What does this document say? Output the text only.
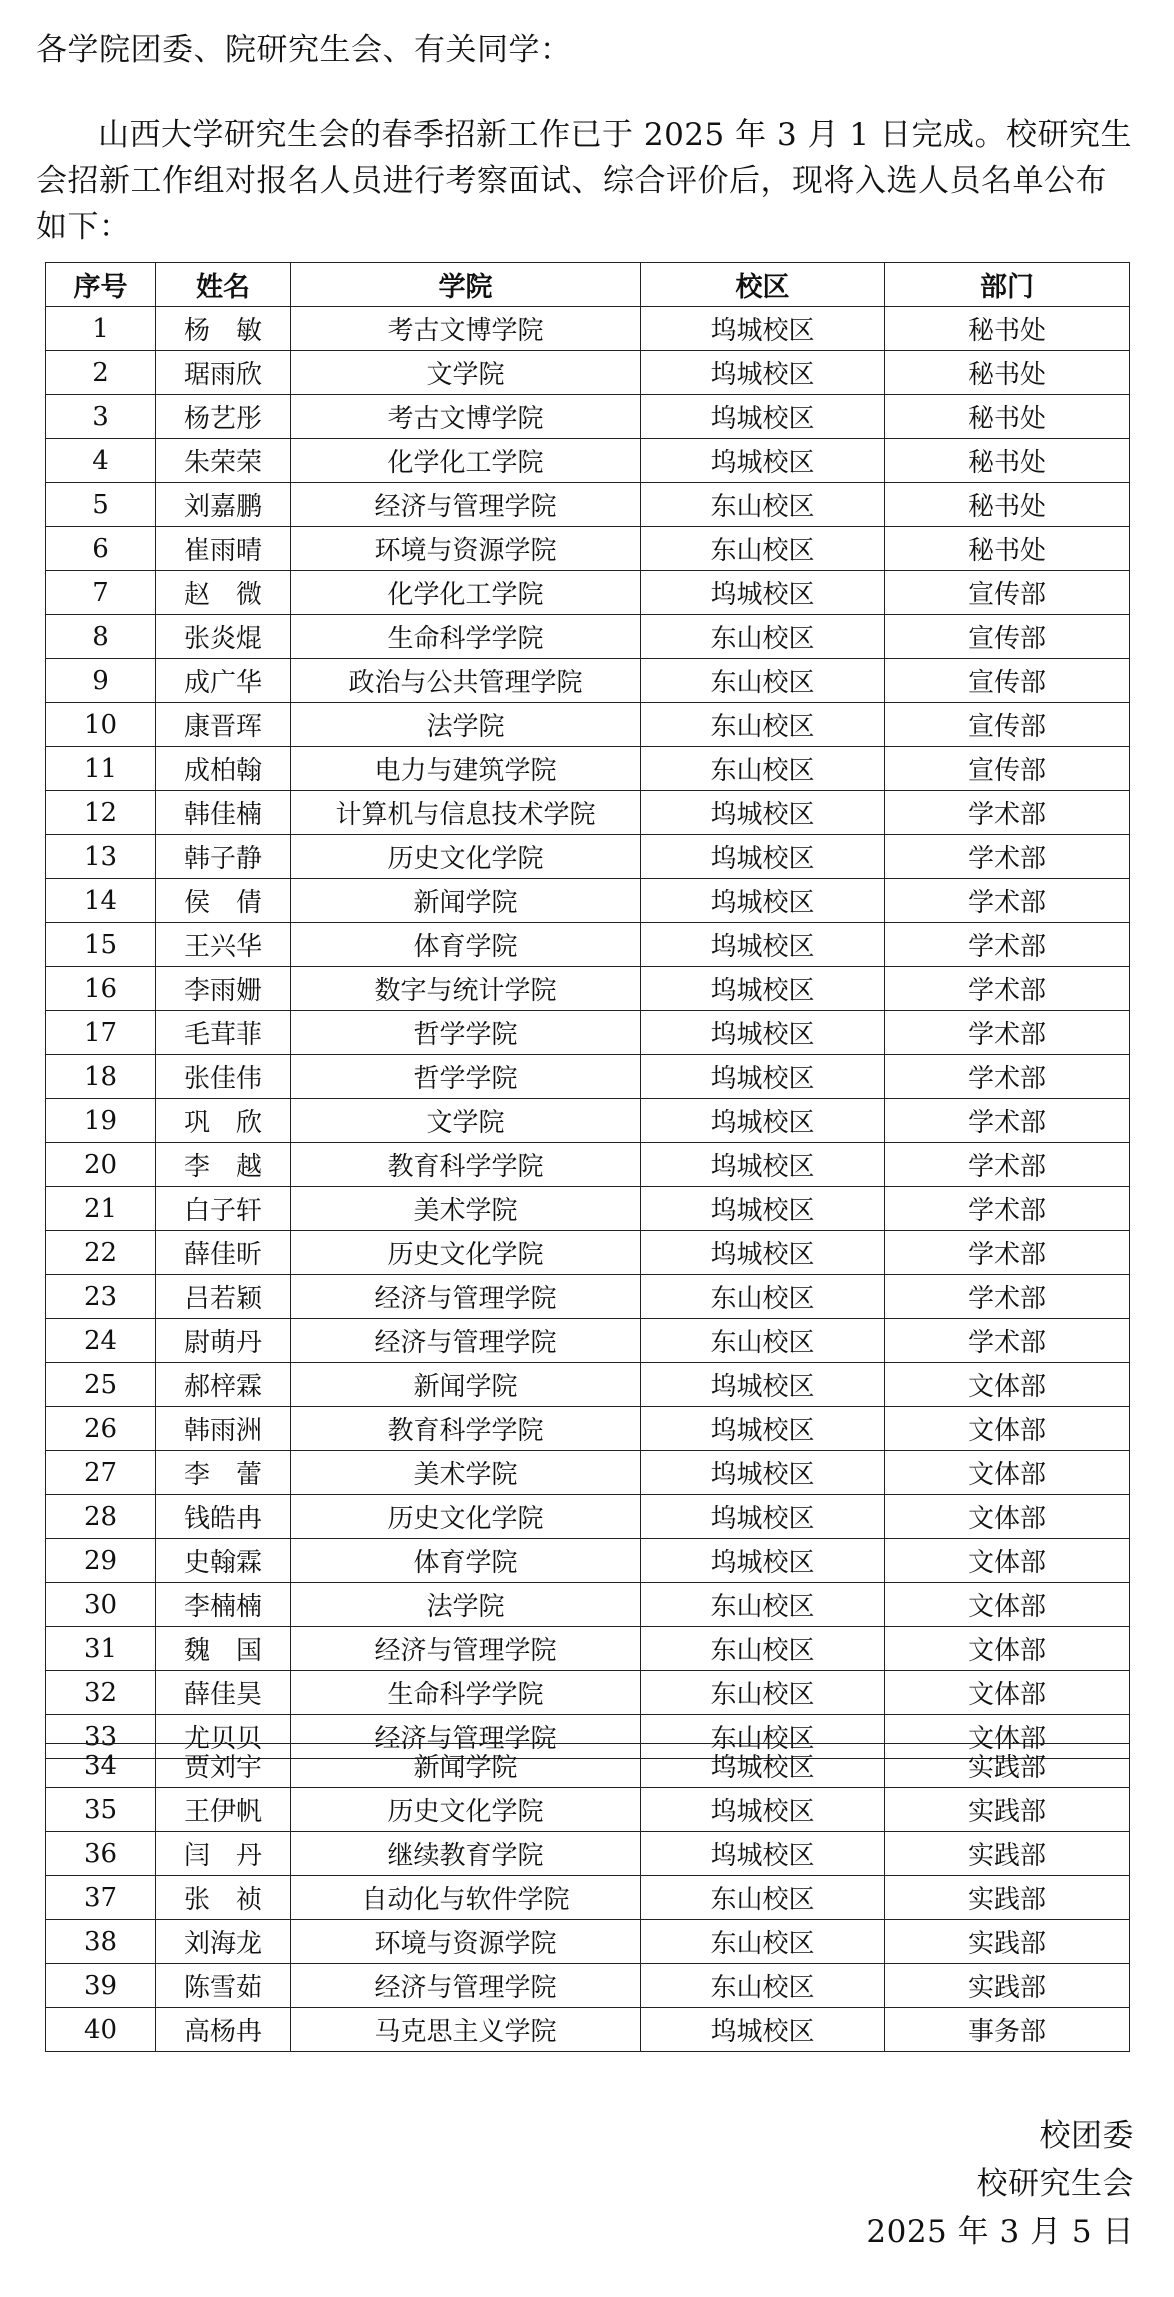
各学院团委、院研究生会、有关同学：

山西大学研究生会的春季招新工作已于 2025 年 3 月 1 日完成。校研究生会招新工作组对报名人员进行考察面试、综合评价后，现将入选人员名单公布如下：

序号	姓名	学院	校区	部门
1	杨　敏	考古文博学院	坞城校区	秘书处
2	琚雨欣	文学院	坞城校区	秘书处
3	杨艺彤	考古文博学院	坞城校区	秘书处
4	朱荣荣	化学化工学院	坞城校区	秘书处
5	刘嘉鹏	经济与管理学院	东山校区	秘书处
6	崔雨晴	环境与资源学院	东山校区	秘书处
7	赵　微	化学化工学院	坞城校区	宣传部
8	张炎焜	生命科学学院	东山校区	宣传部
9	成广华	政治与公共管理学院	东山校区	宣传部
10	康晋珲	法学院	东山校区	宣传部
11	成柏翰	电力与建筑学院	东山校区	宣传部
12	韩佳楠	计算机与信息技术学院	坞城校区	学术部
13	韩子静	历史文化学院	坞城校区	学术部
14	侯　倩	新闻学院	坞城校区	学术部
15	王兴华	体育学院	坞城校区	学术部
16	李雨姗	数字与统计学院	坞城校区	学术部
17	毛茸菲	哲学学院	坞城校区	学术部
18	张佳伟	哲学学院	坞城校区	学术部
19	巩　欣	文学院	坞城校区	学术部
20	李　越	教育科学学院	坞城校区	学术部
21	白子轩	美术学院	坞城校区	学术部
22	薛佳昕	历史文化学院	坞城校区	学术部
23	吕若颖	经济与管理学院	东山校区	学术部
24	尉萌丹	经济与管理学院	东山校区	学术部
25	郝梓霖	新闻学院	坞城校区	文体部
26	韩雨洲	教育科学学院	坞城校区	文体部
27	李　蕾	美术学院	坞城校区	文体部
28	钱皓冉	历史文化学院	坞城校区	文体部
29	史翰霖	体育学院	坞城校区	文体部
30	李楠楠	法学院	东山校区	文体部
31	魏　国	经济与管理学院	东山校区	文体部
32	薛佳昊	生命科学学院	东山校区	文体部
33	尤贝贝	经济与管理学院	东山校区	文体部
34	贾刘宇	新闻学院	坞城校区	实践部
35	王伊帆	历史文化学院	坞城校区	实践部
36	闫　丹	继续教育学院	坞城校区	实践部
37	张　祯	自动化与软件学院	东山校区	实践部
38	刘海龙	环境与资源学院	东山校区	实践部
39	陈雪茹	经济与管理学院	东山校区	实践部
40	高杨冉	马克思主义学院	坞城校区	事务部
校团委
校研究生会
2025 年 3 月 5 日
